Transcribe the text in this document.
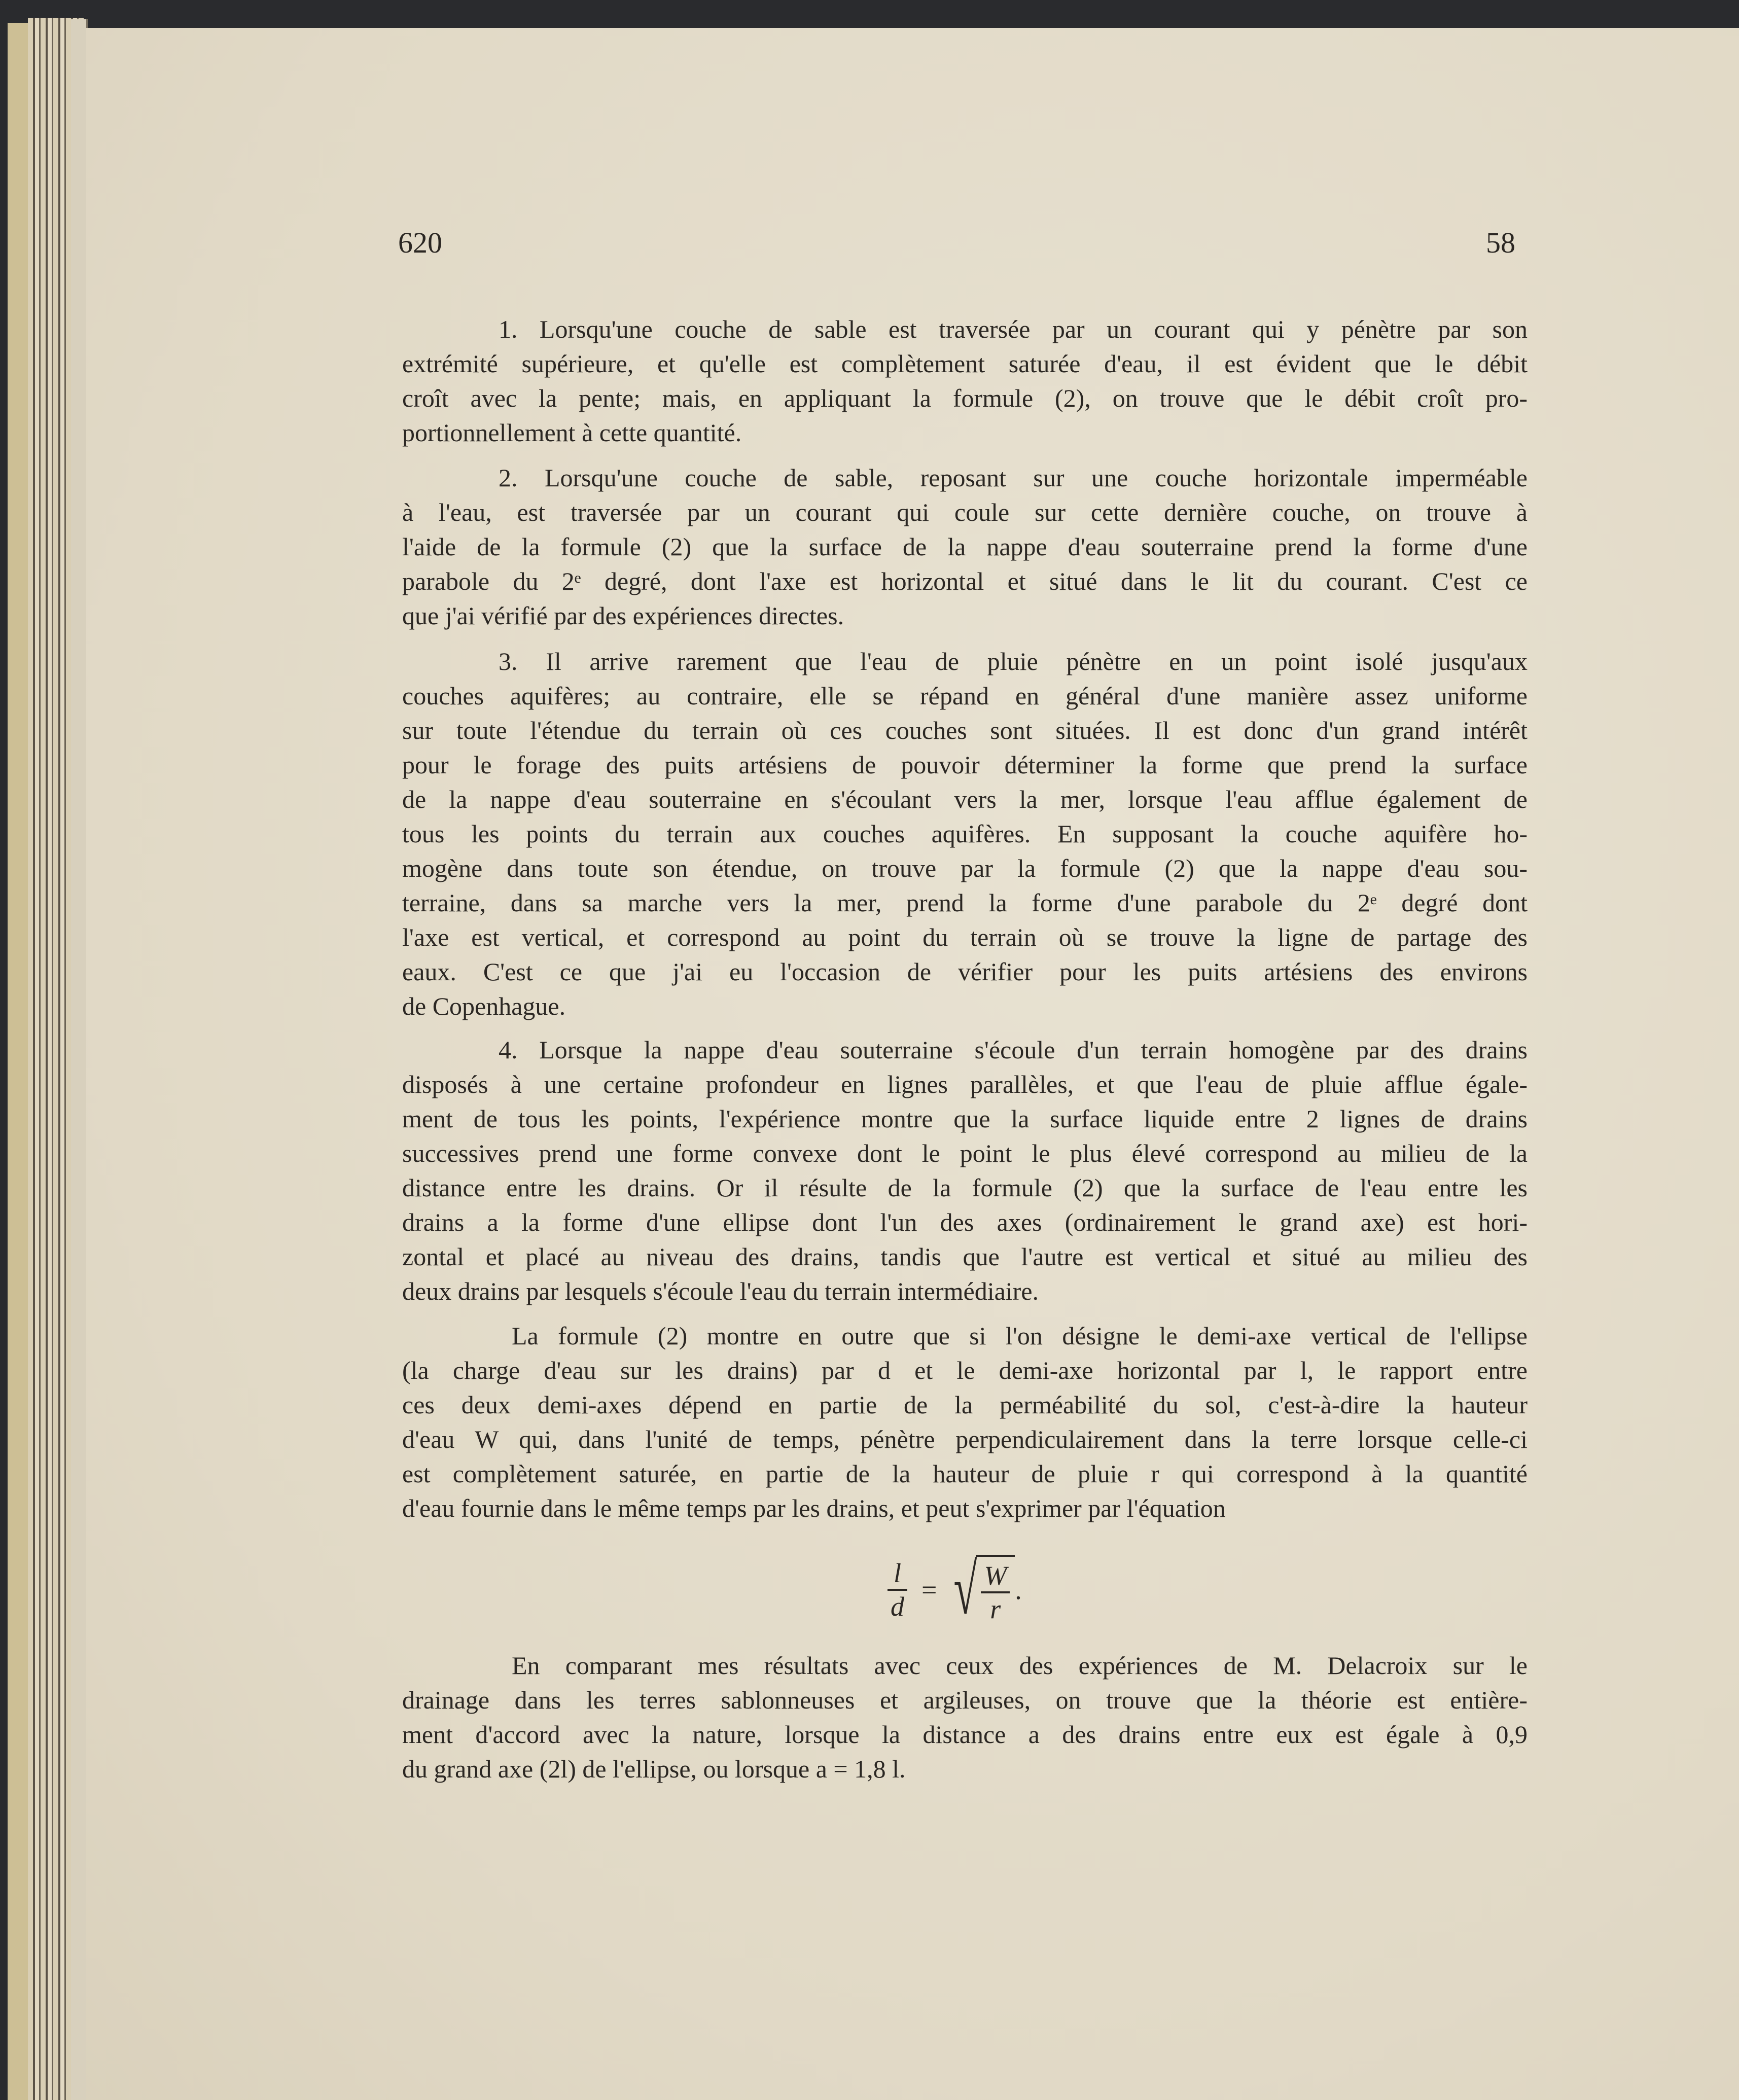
620	58
1. Lorsqu'une couche de sable est traversée par un courant qui y pénètre par son
extrémité supérieure, et qu'elle est complètement saturée d'eau, il est évident que le débit
croît avec la pente; mais, en appliquant la formule (2), on trouve que le débit croît pro-
portionnellement à cette quantité.
2. Lorsqu'une couche de sable, reposant sur une couche horizontale imperméable
à l'eau, est traversée par un courant qui coule sur cette dernière couche, on trouve à
l'aide de la formule (2) que la surface de la nappe d'eau souterraine prend la forme d'une
parabole du 2ᵉ degré, dont l'axe est horizontal et situé dans le lit du courant. C'est ce
que j'ai vérifié par des expériences directes.
3. Il arrive rarement que l'eau de pluie pénètre en un point isolé jusqu'aux
couches aquifères; au contraire, elle se répand en général d'une manière assez uniforme
sur toute l'étendue du terrain où ces couches sont situées. Il est donc d'un grand intérêt
pour le forage des puits artésiens de pouvoir déterminer la forme que prend la surface
de la nappe d'eau souterraine en s'écoulant vers la mer, lorsque l'eau afflue également de
tous les points du terrain aux couches aquifères. En supposant la couche aquifère ho-
mogène dans toute son étendue, on trouve par la formule (2) que la nappe d'eau sou-
terraine, dans sa marche vers la mer, prend la forme d'une parabole du 2ᵉ degré dont
l'axe est vertical, et correspond au point du terrain où se trouve la ligne de partage des
eaux. C'est ce que j'ai eu l'occasion de vérifier pour les puits artésiens des environs
de Copenhague.
4. Lorsque la nappe d'eau souterraine s'écoule d'un terrain homogène par des drains
disposés à une certaine profondeur en lignes parallèles, et que l'eau de pluie afflue égale-
ment de tous les points, l'expérience montre que la surface liquide entre 2 lignes de drains
successives prend une forme convexe dont le point le plus élevé correspond au milieu de la
distance entre les drains. Or il résulte de la formule (2) que la surface de l'eau entre les
drains a la forme d'une ellipse dont l'un des axes (ordinairement le grand axe) est hori-
zontal et placé au niveau des drains, tandis que l'autre est vertical et situé au milieu des
deux drains par lesquels s'écoule l'eau du terrain intermédiaire.
La formule (2) montre en outre que si l'on désigne le demi-axe vertical de l'ellipse
(la charge d'eau sur les drains) par d et le demi-axe horizontal par l, le rapport entre
ces deux demi-axes dépend en partie de la perméabilité du sol, c'est-à-dire la hauteur
d'eau W qui, dans l'unité de temps, pénètre perpendiculairement dans la terre lorsque celle-ci
est complètement saturée, en partie de la hauteur de pluie r qui correspond à la quantité
d'eau fournie dans le même temps par les drains, et peut s'exprimer par l'équation
En comparant mes résultats avec ceux des expériences de M. Delacroix sur le
drainage dans les terres sablonneuses et argileuses, on trouve que la théorie est entière-
ment d'accord avec la nature, lorsque la distance a des drains entre eux est égale à 0,9
du grand axe (2l) de l'ellipse, ou lorsque a = 1,8 l.
$\frac{l}{d}$ = √ $\frac{W}{r}$ .
